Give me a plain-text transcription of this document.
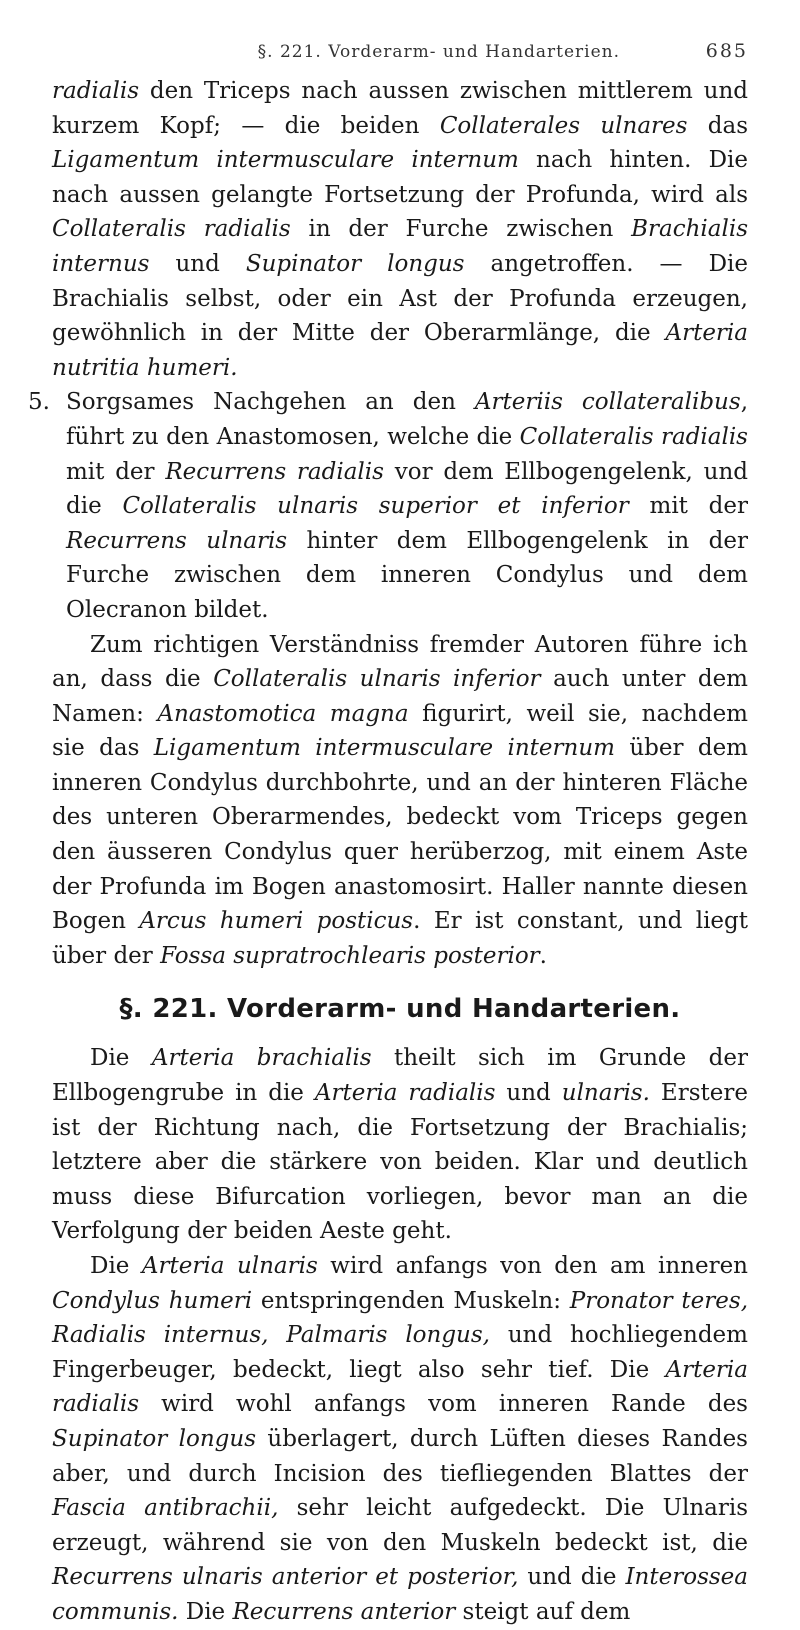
§. 221. Vorderarm- und Handarterien.	685

radialis den Triceps nach aussen zwischen mittlerem und kurzem Kopf; — die beiden Collaterales ulnares das Ligamentum intermusculare internum nach hinten. Die nach aussen gelangte Fortsetzung der Profunda, wird als Collateralis radialis in der Furche zwischen Brachialis internus und Supinator longus angetroffen. — Die Brachialis selbst, oder ein Ast der Profunda erzeugen, gewöhnlich in der Mitte der Oberarmlänge, die Arteria nutritia humeri.

5. Sorgsames Nachgehen an den Arteriis collateralibus, führt zu den Anastomosen, welche die Collateralis radialis mit der Recurrens radialis vor dem Ellbogengelenk, und die Collateralis ulnaris superior et inferior mit der Recurrens ulnaris hinter dem Ellbogengelenk in der Furche zwischen dem inneren Condylus und dem Olecranon bildet.

Zum richtigen Verständniss fremder Autoren führe ich an, dass die Collateralis ulnaris inferior auch unter dem Namen: Anastomotica magna figurirt, weil sie, nachdem sie das Ligamentum intermusculare internum über dem inneren Condylus durchbohrte, und an der hinteren Fläche des unteren Oberarmendes, bedeckt vom Triceps gegen den äusseren Condylus quer herüberzog, mit einem Aste der Profunda im Bogen anastomosirt. Haller nannte diesen Bogen Arcus humeri posticus. Er ist constant, und liegt über der Fossa supratrochlearis posterior.

§. 221. Vorderarm- und Handarterien.

Die Arteria brachialis theilt sich im Grunde der Ellbogengrube in die Arteria radialis und ulnaris. Erstere ist der Richtung nach, die Fortsetzung der Brachialis; letztere aber die stärkere von beiden. Klar und deutlich muss diese Bifurcation vorliegen, bevor man an die Verfolgung der beiden Aeste geht.

Die Arteria ulnaris wird anfangs von den am inneren Condylus humeri entspringenden Muskeln: Pronator teres, Radialis internus, Palmaris longus, und hochliegendem Fingerbeuger, bedeckt, liegt also sehr tief. Die Arteria radialis wird wohl anfangs vom inneren Rande des Supinator longus überlagert, durch Lüften dieses Randes aber, und durch Incision des tiefliegenden Blattes der Fascia antibrachii, sehr leicht aufgedeckt. Die Ulnaris erzeugt, während sie von den Muskeln bedeckt ist, die Recurrens ulnaris anterior et posterior, und die Interossea communis. Die Recurrens anterior steigt auf dem
